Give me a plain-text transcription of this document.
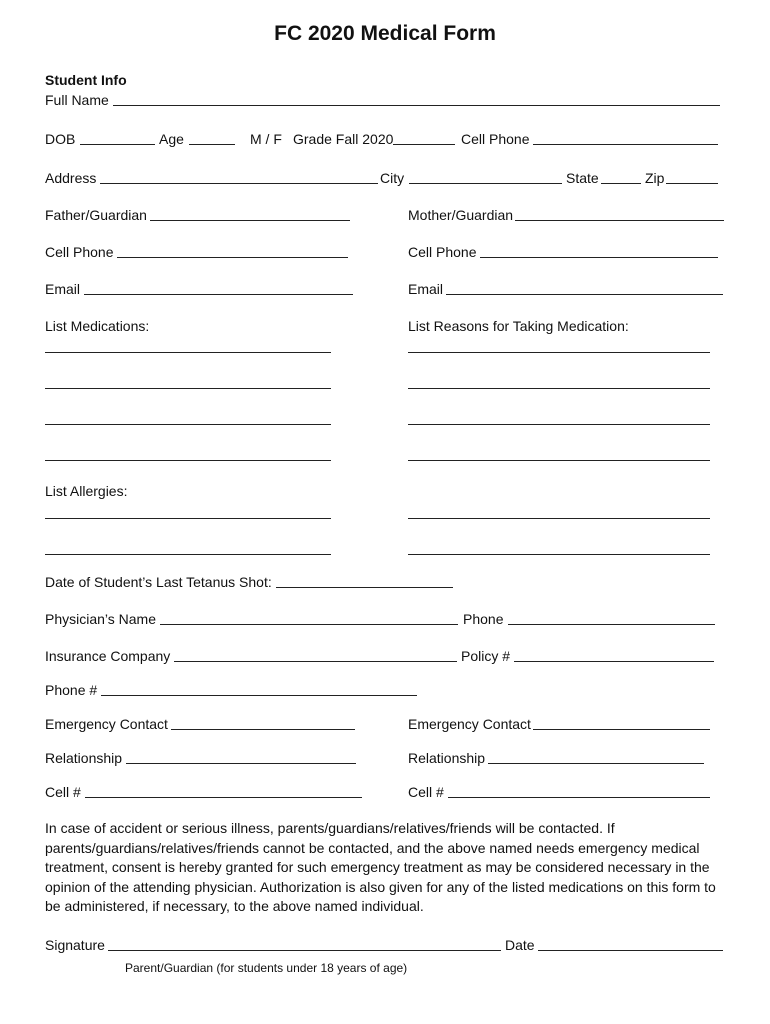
FC 2020 Medical Form
Student Info
Full Name
DOB	Age	M / F Grade Fall 2020	Cell Phone
Address	City	State	Zip
Father/Guardian	Mother/Guardian
Cell Phone	Cell Phone
Email	Email
List Medications:	List Reasons for Taking Medication:
List Allergies:
Date of Student’s Last Tetanus Shot:
Physician’s Name	Phone
Insurance Company	Policy #
Phone #
Emergency Contact	Emergency Contact
Relationship	Relationship
Cell #	Cell #
In case of accident or serious illness, parents/guardians/relatives/friends will be contacted. If parents/guardians/relatives/friends cannot be contacted, and the above named needs emergency medical treatment, consent is hereby granted for such emergency treatment as may be considered necessary in the opinion of the attending physician. Authorization is also given for any of the listed medications on this form to be administered, if necessary, to the above named individual.
Signature	Date
Parent/Guardian (for students under 18 years of age)
